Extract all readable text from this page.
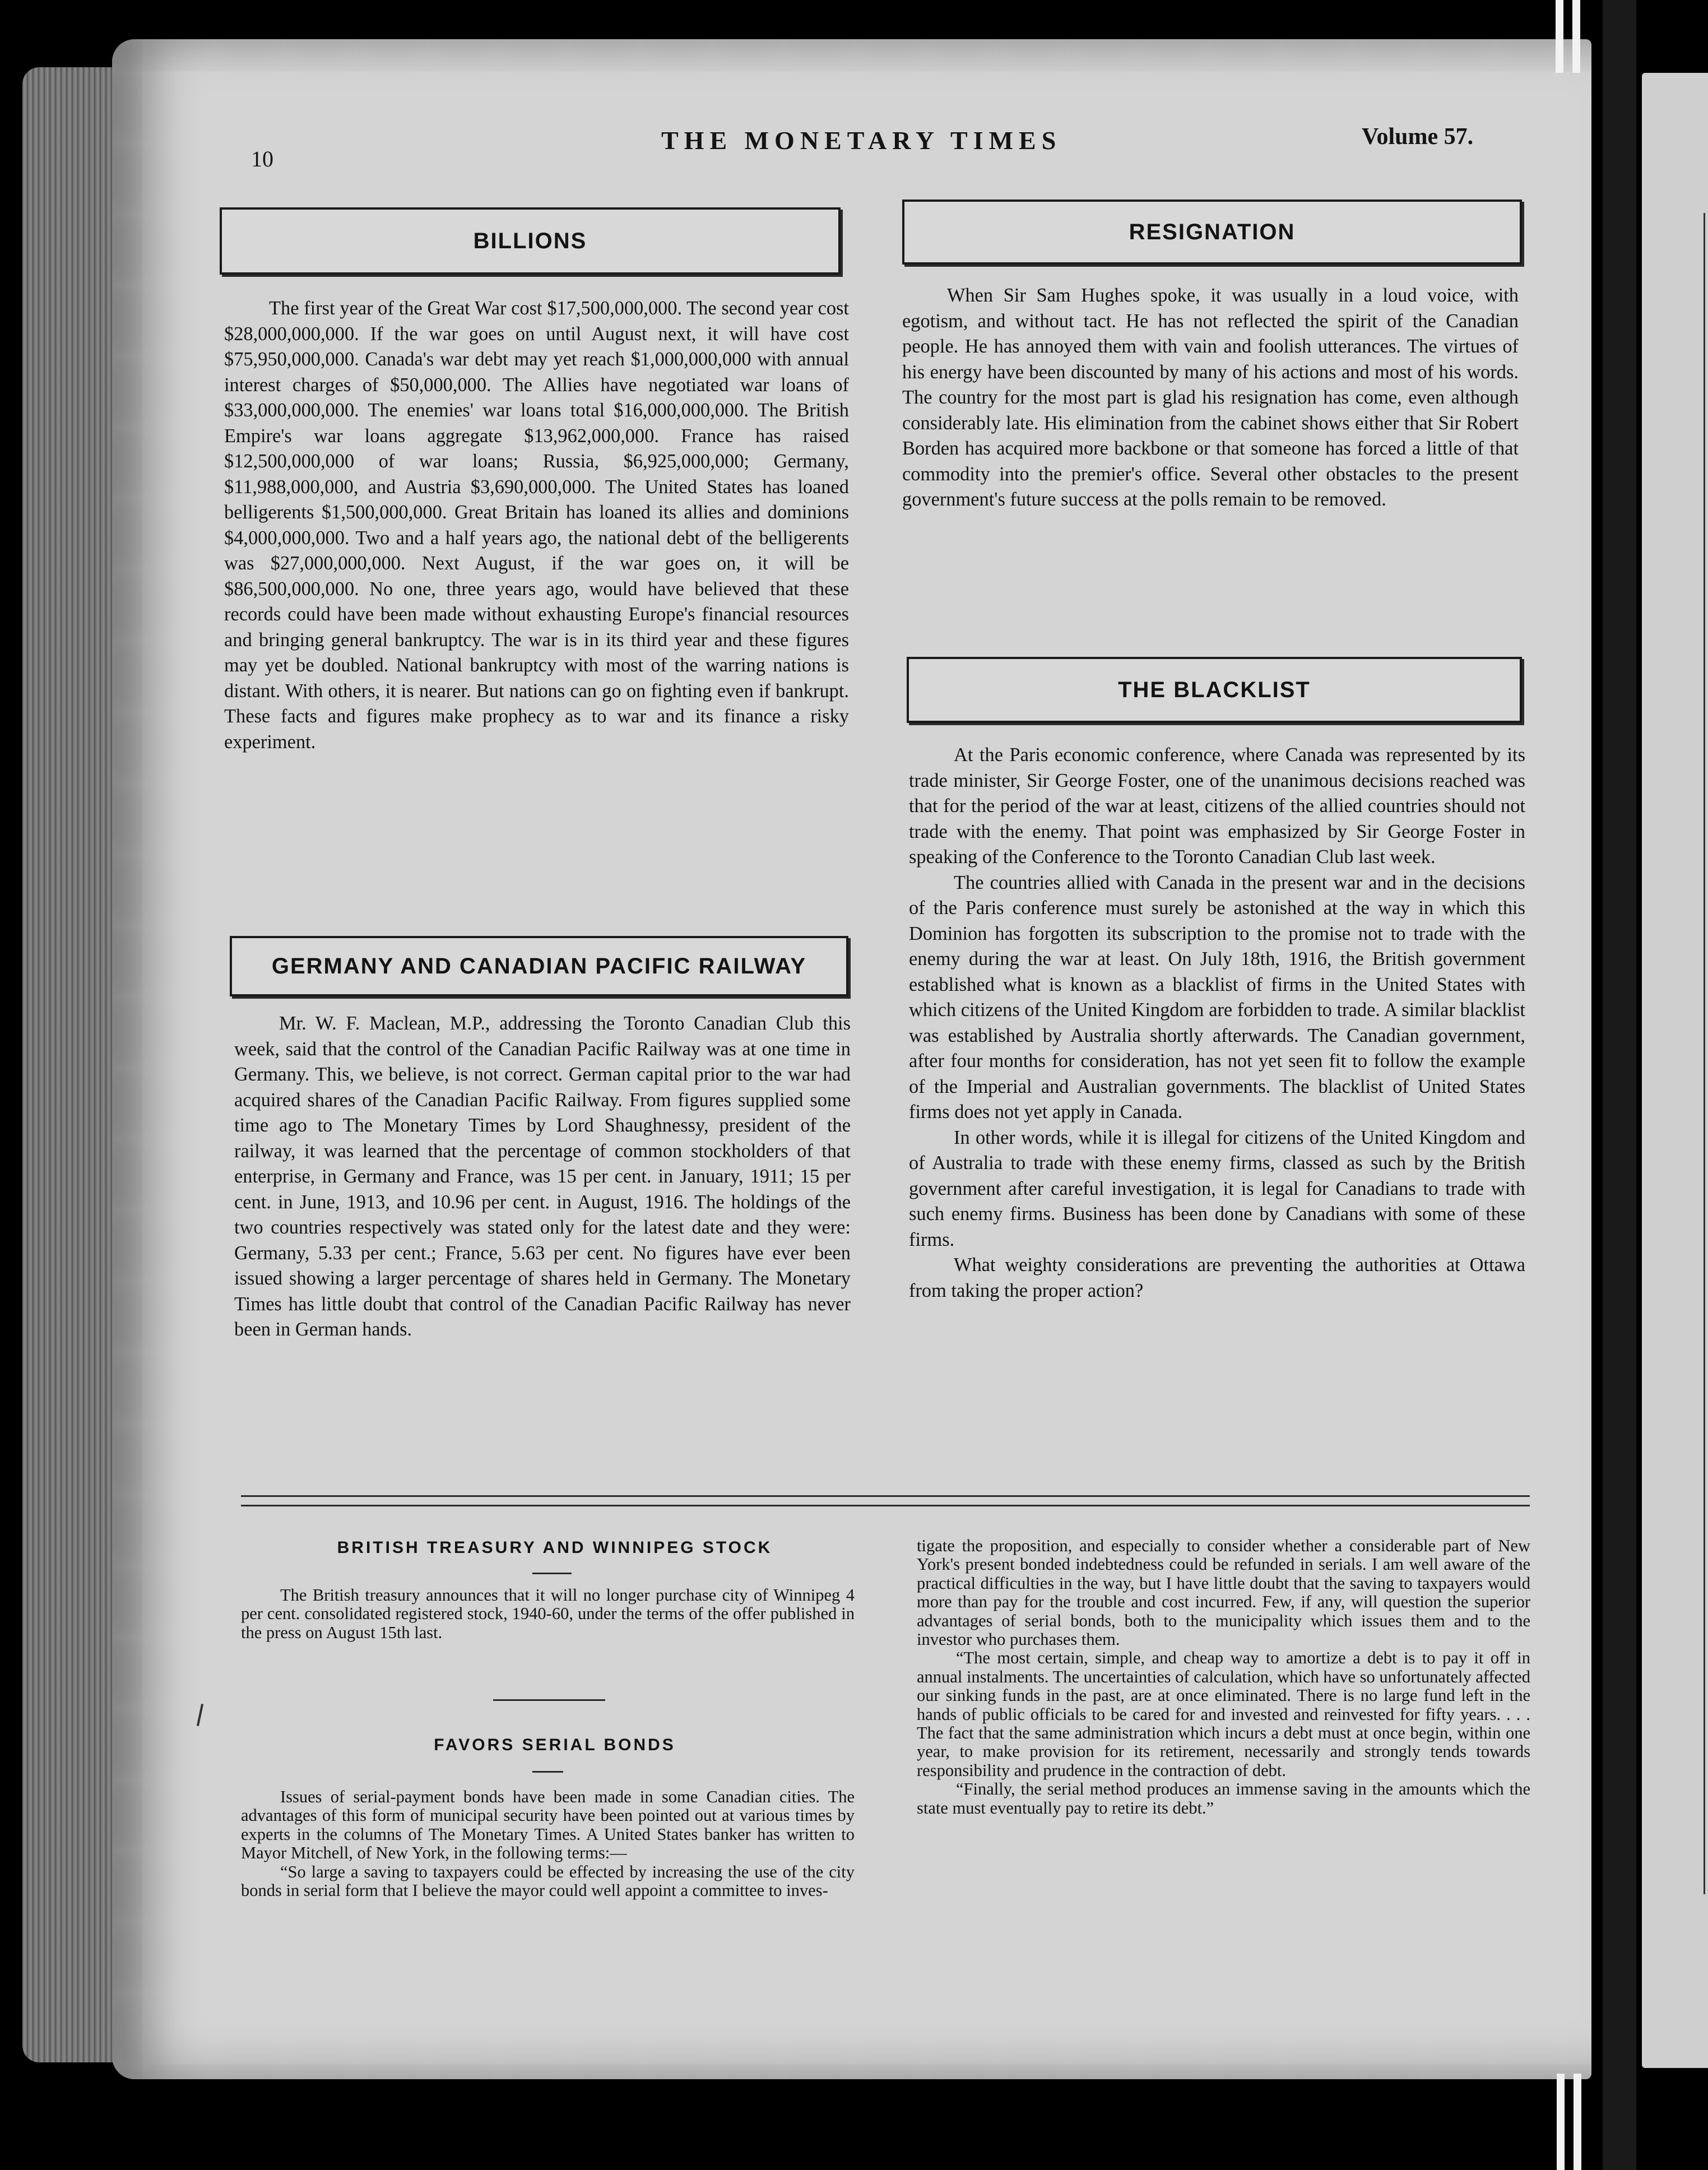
10
THE MONETARY TIMES	Volume 57.
BILLIONS

The first year of the Great War cost $17,500,000,000. The second year cost $28,000,000,000. If the war goes on until August next, it will have cost $75,950,000,000. Canada's war debt may yet reach $1,000,000,000 with annual interest charges of $50,000,000. The Allies have negotiated war loans of $33,000,000,000. The enemies' war loans total $16,000,000,000. The British Empire's war loans aggregate $13,962,000,000. France has raised $12,500,000,000 of war loans; Russia, $6,925,000,000; Germany, $11,988,000,000, and Austria $3,690,000,000. The United States has loaned belligerents $1,500,000,000. Great Britain has loaned its allies and dominions $4,000,000,000. Two and a half years ago, the national debt of the belligerents was $27,000,000,000. Next August, if the war goes on, it will be $86,500,000,000. No one, three years ago, would have believed that these records could have been made without exhausting Europe's financial resources and bringing general bankruptcy. The war is in its third year and these figures may yet be doubled. National bankruptcy with most of the warring nations is distant. With others, it is nearer. But nations can go on fighting even if bankrupt. These facts and figures make prophecy as to war and its finance a risky experiment.

GERMANY AND CANADIAN PACIFIC RAILWAY

Mr. W. F. Maclean, M.P., addressing the Toronto Canadian Club this week, said that the control of the Canadian Pacific Railway was at one time in Germany. This, we believe, is not correct. German capital prior to the war had acquired shares of the Canadian Pacific Railway. From figures supplied some time ago to The Monetary Times by Lord Shaughnessy, president of the railway, it was learned that the percentage of common stockholders of that enterprise, in Germany and France, was 15 per cent. in January, 1911; 15 per cent. in June, 1913, and 10.96 per cent. in August, 1916. The holdings of the two countries respectively was stated only for the latest date and they were: Germany, 5.33 per cent.; France, 5.63 per cent. No figures have ever been issued showing a larger percentage of shares held in Germany. The Monetary Times has little doubt that control of the Canadian Pacific Railway has never been in German hands.

RESIGNATION

When Sir Sam Hughes spoke, it was usually in a loud voice, with egotism, and without tact. He has not reflected the spirit of the Canadian people. He has annoyed them with vain and foolish utterances. The virtues of his energy have been discounted by many of his actions and most of his words. The country for the most part is glad his resignation has come, even although considerably late. His elimination from the cabinet shows either that Sir Robert Borden has acquired more backbone or that someone has forced a little of that commodity into the premier's office. Several other obstacles to the present government's future success at the polls remain to be removed.

THE BLACKLIST

At the Paris economic conference, where Canada was represented by its trade minister, Sir George Foster, one of the unanimous decisions reached was that for the period of the war at least, citizens of the allied countries should not trade with the enemy. That point was emphasized by Sir George Foster in speaking of the Conference to the Toronto Canadian Club last week.

The countries allied with Canada in the present war and in the decisions of the Paris conference must surely be astonished at the way in which this Dominion has forgotten its subscription to the promise not to trade with the enemy during the war at least. On July 18th, 1916, the British government established what is known as a blacklist of firms in the United States with which citizens of the United Kingdom are forbidden to trade. A similar blacklist was established by Australia shortly afterwards. The Canadian government, after four months for consideration, has not yet seen fit to follow the example of the Imperial and Australian governments. The blacklist of United States firms does not yet apply in Canada.

In other words, while it is illegal for citizens of the United Kingdom and of Australia to trade with these enemy firms, classed as such by the British government after careful investigation, it is legal for Canadians to trade with such enemy firms. Business has been done by Canadians with some of these firms.

What weighty considerations are preventing the authorities at Ottawa from taking the proper action?

BRITISH TREASURY AND WINNIPEG STOCK

The British treasury announces that it will no longer purchase city of Winnipeg 4 per cent. consolidated registered stock, 1940-60, under the terms of the offer published in the press on August 15th last.

FAVORS SERIAL BONDS

Issues of serial-payment bonds have been made in some Canadian cities. The advantages of this form of municipal security have been pointed out at various times by experts in the columns of The Monetary Times. A United States banker has written to Mayor Mitchell, of New York, in the following terms:—

“So large a saving to taxpayers could be effected by increasing the use of the city bonds in serial form that I believe the mayor could well appoint a committee to inves-

tigate the proposition, and especially to consider whether a considerable part of New York's present bonded indebtedness could be refunded in serials. I am well aware of the practical difficulties in the way, but I have little doubt that the saving to taxpayers would more than pay for the trouble and cost incurred. Few, if any, will question the superior advantages of serial bonds, both to the municipality which issues them and to the investor who purchases them.

“The most certain, simple, and cheap way to amortize a debt is to pay it off in annual instalments. The uncertainties of calculation, which have so unfortunately affected our sinking funds in the past, are at once eliminated. There is no large fund left in the hands of public officials to be cared for and invested and reinvested for fifty years. . . . The fact that the same administration which incurs a debt must at once begin, within one year, to make provision for its retirement, necessarily and strongly tends towards responsibility and prudence in the contraction of debt.

“Finally, the serial method produces an immense saving in the amounts which the state must eventually pay to retire its debt.”
